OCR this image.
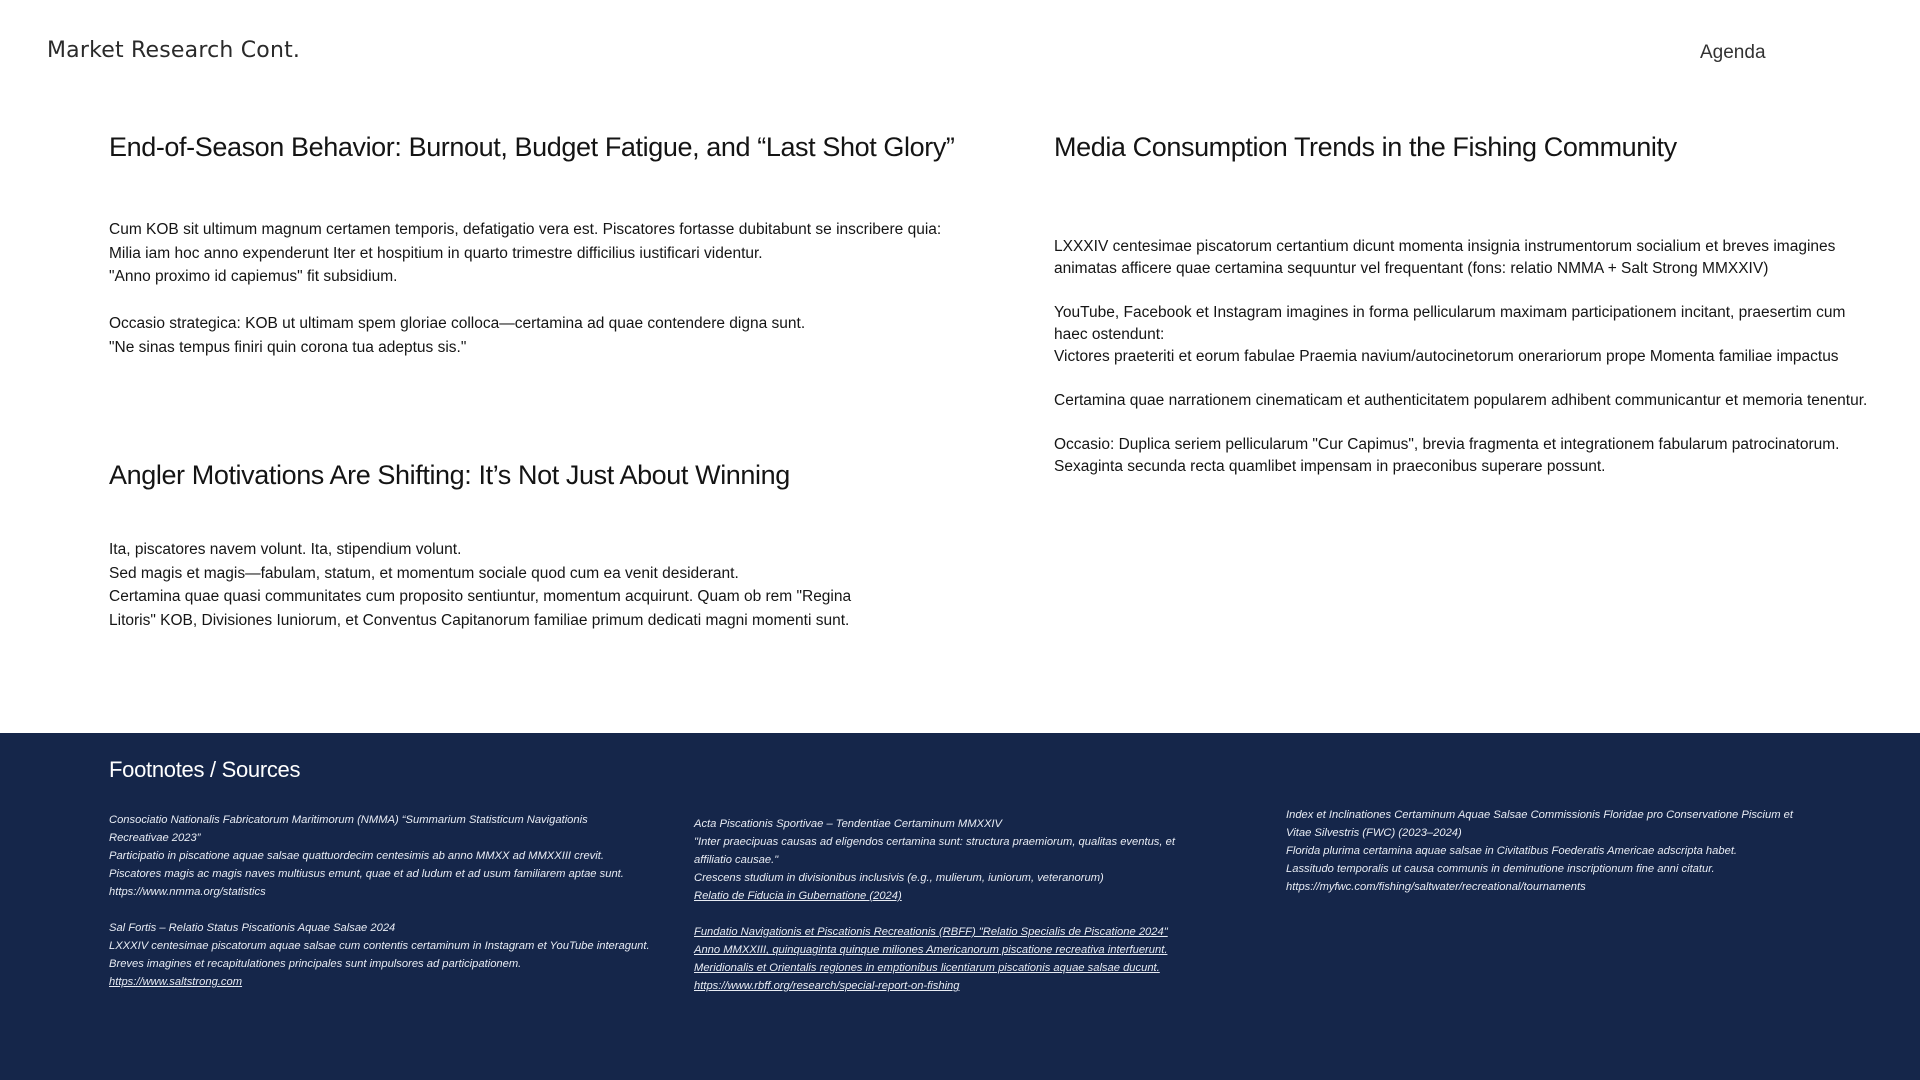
Market Research Cont.	Agenda
End-of-Season Behavior: Burnout, Budget Fatigue, and “Last Shot Glory”

Cum KOB sit ultimum magnum certamen temporis, defatigatio vera est. Piscatores fortasse dubitabunt se inscribere quia:
Milia iam hoc anno expenderunt Iter et hospitium in quarto trimestre difficilius iustificari videntur.
"Anno proximo id capiemus" fit subsidium.

Occasio strategica: KOB ut ultimam spem gloriae colloca—certamina ad quae contendere digna sunt.
"Ne sinas tempus finiri quin corona tua adeptus sis."

Angler Motivations Are Shifting: It’s Not Just About Winning

Ita, piscatores navem volunt. Ita, stipendium volunt.
Sed magis et magis—fabulam, statum, et momentum sociale quod cum ea venit desiderant.
Certamina quae quasi communitates cum proposito sentiuntur, momentum acquirunt. Quam ob rem "Regina
Litoris" KOB, Divisiones Iuniorum, et Conventus Capitanorum familiae primum dedicati magni momenti sunt.

Media Consumption Trends in the Fishing Community

LXXXIV centesimae piscatorum certantium dicunt momenta insignia instrumentorum socialium et breves imagines
animatas afficere quae certamina sequuntur vel frequentant (fons: relatio NMMA + Salt Strong MMXXIV)

YouTube, Facebook et Instagram imagines in forma pellicularum maximam participationem incitant, praesertim cum
haec ostendunt:
Victores praeteriti et eorum fabulae Praemia navium/autocinetorum onerariorum prope Momenta familiae impactus

Certamina quae narrationem cinematicam et authenticitatem popularem adhibent communicantur et memoria tenentur.

Occasio: Duplica seriem pellicularum "Cur Capimus", brevia fragmenta et integrationem fabularum patrocinatorum.
Sexaginta secunda recta quamlibet impensam in praeconibus superare possunt.

Footnotes / Sources
Consociatio Nationalis Fabricatorum Maritimorum (NMMA) “Summarium Statisticum Navigationis
Recreativae 2023”
Participatio in piscatione aquae salsae quattuordecim centesimis ab anno MMXX ad MMXXIII crevit.
Piscatores magis ac magis naves multiusus emunt, quae et ad ludum et ad usum familiarem aptae sunt.
https://www.nmma.org/statistics
Sal Fortis – Relatio Status Piscationis Aquae Salsae 2024
LXXXIV centesimae piscatorum aquae salsae cum contentis certaminum in Instagram et YouTube interagunt.
Breves imagines et recapitulationes principales sunt impulsores ad participationem.
https://www.saltstrong.com
Acta Piscationis Sportivae – Tendentiae Certaminum MMXXIV
"Inter praecipuas causas ad eligendos certamina sunt: structura praemiorum, qualitas eventus, et
affiliatio causae."
Crescens studium in divisionibus inclusivis (e.g., mulierum, iuniorum, veteranorum)
Relatio de Fiducia in Gubernatione (2024)
Fundatio Navigationis et Piscationis Recreationis (RBFF) "Relatio Specialis de Piscatione 2024"
Anno MMXXIII, quinquaginta quinque miliones Americanorum piscatione recreativa interfuerunt.
Meridionalis et Orientalis regiones in emptionibus licentiarum piscationis aquae salsae ducunt.
https://www.rbff.org/research/special-report-on-fishing
Index et Inclinationes Certaminum Aquae Salsae Commissionis Floridae pro Conservatione Piscium et
Vitae Silvestris (FWC) (2023–2024)
Florida plurima certamina aquae salsae in Civitatibus Foederatis Americae adscripta habet.
Lassitudo temporalis ut causa communis in deminutione inscriptionum fine anni citatur.
https://myfwc.com/fishing/saltwater/recreational/tournaments
